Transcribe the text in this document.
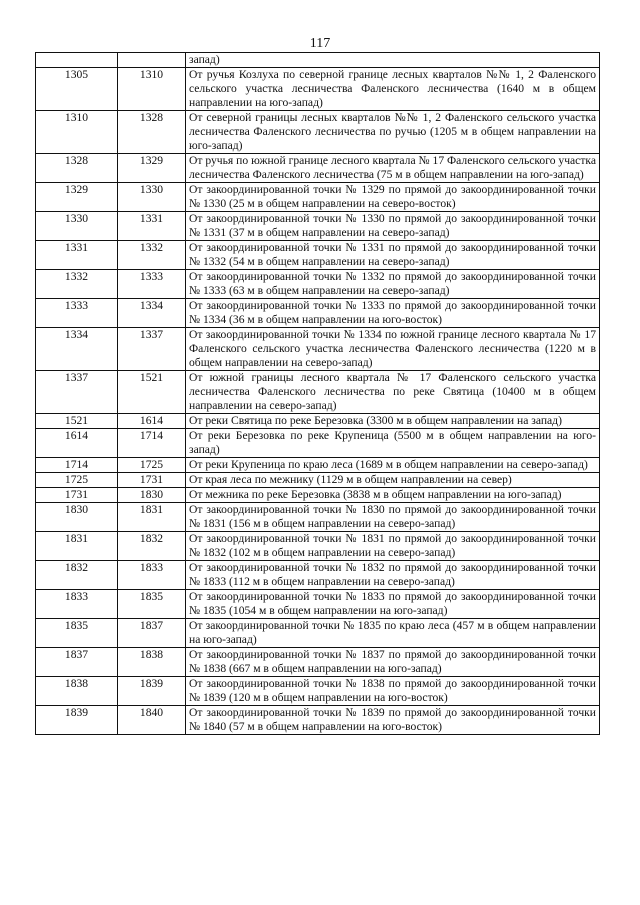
117
		запад)
1305	1310	От ручья Козлуха по северной границе лесных кварталов №№ 1, 2 Фаленского сельского участка лесничества Фаленского лесничества (1640 м в общем направлении на юго-запад)
1310	1328	От северной границы лесных кварталов №№ 1, 2 Фаленского сельского участка лесничества Фаленского лесничества по ручью (1205 м в общем направлении на юго-запад)
1328	1329	От ручья по южной границе лесного квартала № 17 Фаленского сельского участка лесничества Фаленского лесничества (75 м в общем направлении на юго-запад)
1329	1330	От закоординированной точки № 1329 по прямой до закоординированной точки № 1330 (25 м в общем направлении на северо-восток)
1330	1331	От закоординированной точки № 1330 по прямой до закоординированной точки № 1331 (37 м в общем направлении на северо-запад)
1331	1332	От закоординированной точки № 1331 по прямой до закоординированной точки № 1332 (54 м в общем направлении на северо-запад)
1332	1333	От закоординированной точки № 1332 по прямой до закоординированной точки № 1333 (63 м в общем направлении на северо-запад)
1333	1334	От закоординированной точки № 1333 по прямой до закоординированной точки № 1334 (36 м в общем направлении на юго-восток)
1334	1337	От закоординированной точки № 1334 по южной границе лесного квартала № 17 Фаленского сельского участка лесничества Фаленского лесничества (1220 м в общем направлении на северо-запад)
1337	1521	От южной границы лесного квартала № 17 Фаленского сельского участка лесничества Фаленского лесничества по реке Святица (10400 м в общем направлении на северо-запад)
1521	1614	От реки Святица по реке Березовка (3300 м в общем направлении на запад)
1614	1714	От реки Березовка по реке Крупеница (5500 м в общем направлении на юго-запад)
1714	1725	От реки Крупеница по краю леса (1689 м в общем направлении на северо-запад)
1725	1731	От края леса по межнику (1129 м в общем направлении на север)
1731	1830	От межника по реке Березовка (3838 м в общем направлении на юго-запад)
1830	1831	От закоординированной точки № 1830 по прямой до закоординированной точки № 1831 (156 м в общем направлении на северо-запад)
1831	1832	От закоординированной точки № 1831 по прямой до закоординированной точки № 1832 (102 м в общем направлении на северо-запад)
1832	1833	От закоординированной точки № 1832 по прямой до закоординированной точки № 1833 (112 м в общем направлении на северо-запад)
1833	1835	От закоординированной точки № 1833 по прямой до закоординированной точки № 1835 (1054 м в общем направлении на юго-запад)
1835	1837	От закоординированной точки № 1835 по краю леса (457 м в общем направлении на юго-запад)
1837	1838	От закоординированной точки № 1837 по прямой до закоординированной точки № 1838 (667 м в общем направлении на юго-запад)
1838	1839	От закоординированной точки № 1838 по прямой до закоординированной точки № 1839 (120 м в общем направлении на юго-восток)
1839	1840	От закоординированной точки № 1839 по прямой до закоординированной точки № 1840 (57 м в общем направлении на юго-восток)
